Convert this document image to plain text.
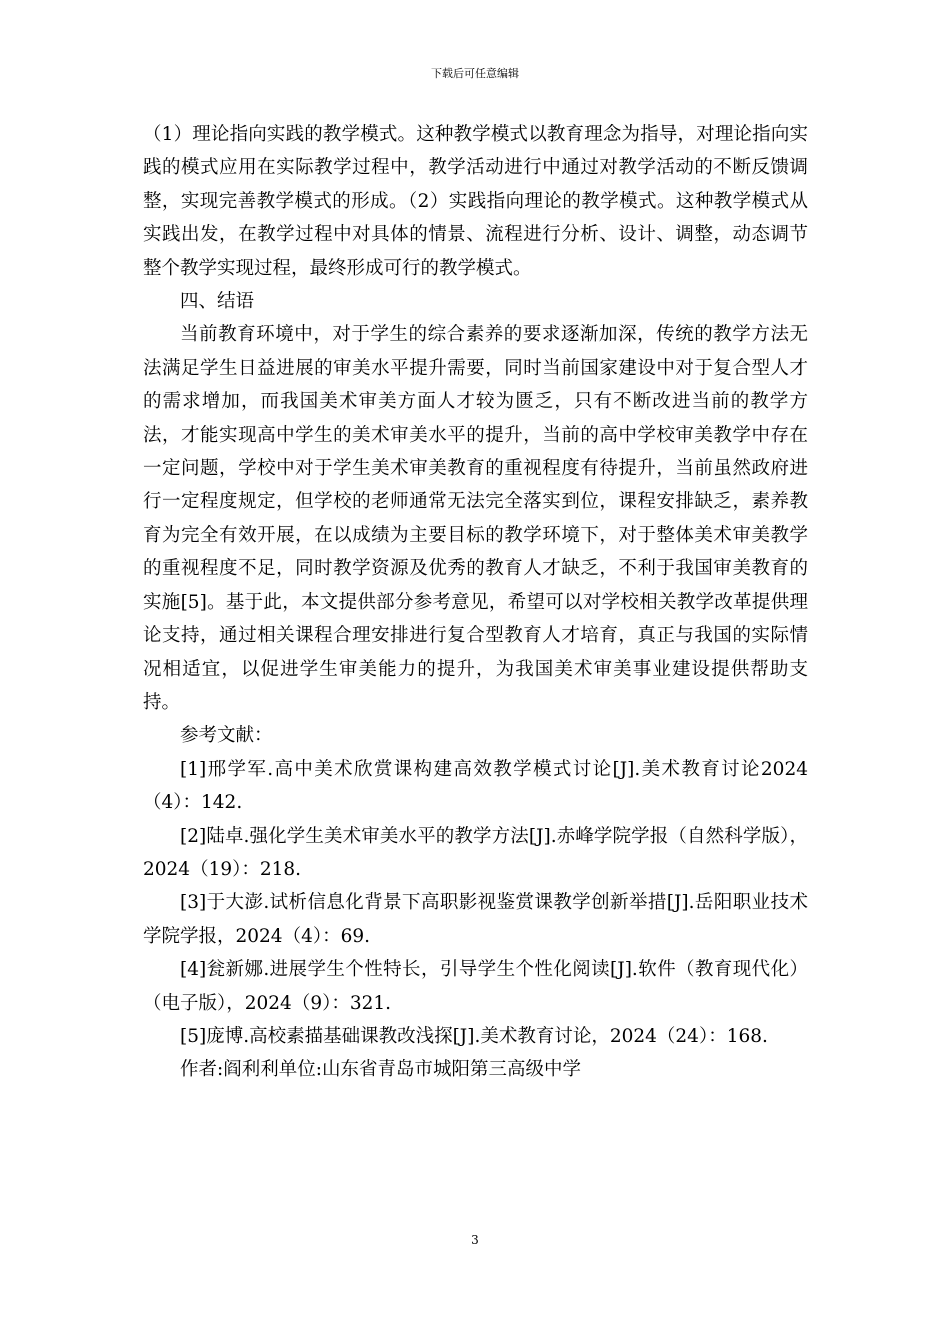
下载后可任意编辑

（1）理论指向实践的教学模式。这种教学模式以教育理念为指导，对理论指向实践的模式应用在实际教学过程中，教学活动进行中通过对教学活动的不断反馈调整，实现完善教学模式的形成。（2）实践指向理论的教学模式。这种教学模式从实践出发，在教学过程中对具体的情景、流程进行分析、设计、调整，动态调节整个教学实现过程，最终形成可行的教学模式。

四、结语

当前教育环境中，对于学生的综合素养的要求逐渐加深，传统的教学方法无法满足学生日益进展的审美水平提升需要，同时当前国家建设中对于复合型人才的需求增加，而我国美术审美方面人才较为匮乏，只有不断改进当前的教学方法，才能实现高中学生的美术审美水平的提升，当前的高中学校审美教学中存在一定问题，学校中对于学生美术审美教育的重视程度有待提升，当前虽然政府进行一定程度规定，但学校的老师通常无法完全落实到位，课程安排缺乏，素养教育为完全有效开展，在以成绩为主要目标的教学环境下，对于整体美术审美教学的重视程度不足，同时教学资源及优秀的教育人才缺乏，不利于我国审美教育的实施[5]。基于此，本文提供部分参考意见，希望可以对学校相关教学改革提供理论支持，通过相关课程合理安排进行复合型教育人才培育，真正与我国的实际情况相适宜，以促进学生审美能力的提升，为我国美术审美事业建设提供帮助支持。

参考文献：

[1]邢学军.高中美术欣赏课构建高效教学模式讨论[J].美术教育讨论2024（4）：142.

[2]陆卓.强化学生美术审美水平的教学方法[J].赤峰学院学报（自然科学版），2024（19）：218.

[3]于大澎.试析信息化背景下高职影视鉴赏课教学创新举措[J].岳阳职业技术学院学报，2024（4）：69.

[4]瓮新娜.进展学生个性特长，引导学生个性化阅读[J].软件（教育现代化）（电子版），2024（9）：321.

[5]庞博.高校素描基础课教改浅探[J].美术教育讨论，2024（24）：168.

作者:阎利利单位:山东省青岛市城阳第三高级中学

3
